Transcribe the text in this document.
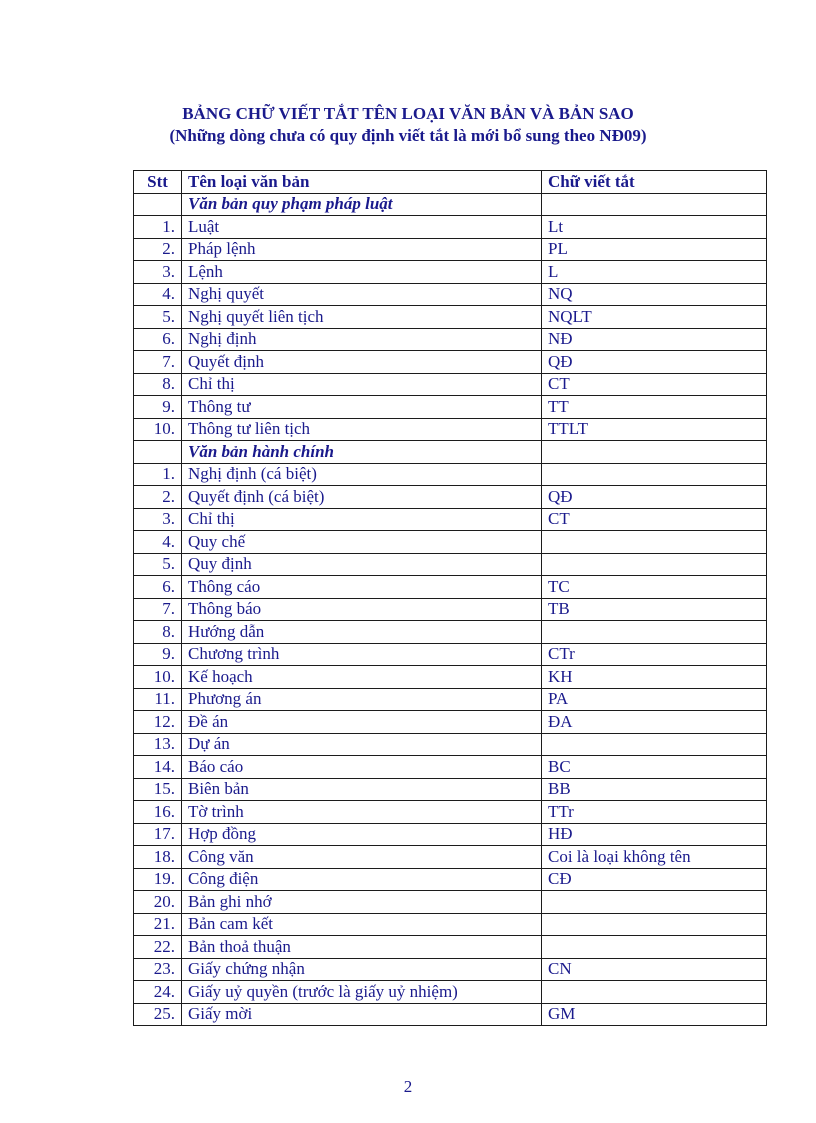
BẢNG CHỮ VIẾT TẮT TÊN LOẠI VĂN BẢN VÀ BẢN SAO
(Những dòng chưa có quy định viết tắt là mới bổ sung theo NĐ09)
Stt	Tên loại văn bản	Chữ viết tắt
	Văn bản quy phạm pháp luật	
1.	Luật	Lt
2.	Pháp lệnh	PL
3.	Lệnh	L
4.	Nghị quyết	NQ
5.	Nghị quyết liên tịch	NQLT
6.	Nghị định	NĐ
7.	Quyết định	QĐ
8.	Chỉ thị	CT
9.	Thông tư	TT
10.	Thông tư liên tịch	TTLT
	Văn bản hành chính	
1.	Nghị định (cá biệt)	
2.	Quyết định (cá biệt)	QĐ
3.	Chỉ thị	CT
4.	Quy chế	
5.	Quy định	
6.	Thông cáo	TC
7.	Thông báo	TB
8.	Hướng dẫn	
9.	Chương trình	CTr
10.	Kế hoạch	KH
11.	Phương án	PA
12.	Đề án	ĐA
13.	Dự án	
14.	Báo cáo	BC
15.	Biên bản	BB
16.	Tờ trình	TTr
17.	Hợp đồng	HĐ
18.	Công văn	Coi là loại không tên
19.	Công điện	CĐ
20.	Bản ghi nhớ	
21.	Bản cam kết	
22.	Bản thoả thuận	
23.	Giấy chứng nhận	CN
24.	Giấy uỷ quyền (trước là giấy uỷ nhiệm)	
25.	Giấy mời	GM
2
